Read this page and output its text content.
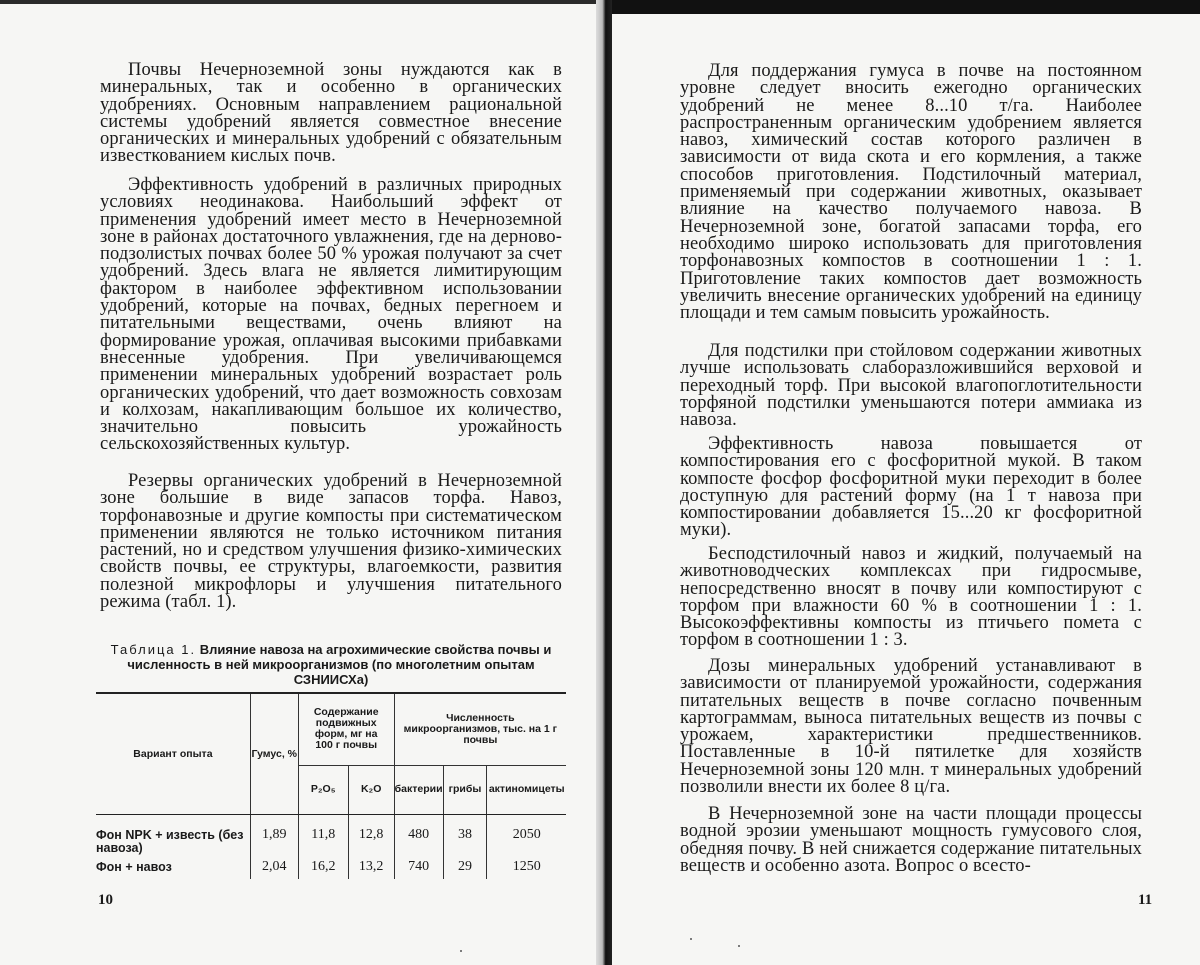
Почвы Нечерноземной зоны нуждаются как в минеральных, так и особенно в органических удобрениях. Основным направлением рациональной системы удобрений является совместное внесение органических и минеральных удобрений с обязательным известкованием кислых почв.

Эффективность удобрений в различных природных условиях неодинакова. Наибольший эффект от применения удобрений имеет место в Нечерноземной зоне в районах достаточного увлажнения, где на дерново-подзолистых почвах более 50 % урожая получают за счет удобрений. Здесь влага не является лимитирующим фактором в наиболее эффективном использовании удобрений, которые на почвах, бедных перегноем и питательными веществами, очень влияют на формирование урожая, оплачивая высокими прибавками внесенные удобрения. При увеличивающемся применении минеральных удобрений возрастает роль органических удобрений, что дает возможность совхозам и колхозам, накапливающим большое их количество, значительно повысить урожайность сельскохозяйственных культур.

Резервы органических удобрений в Нечерноземной зоне большие в виде запасов торфа. Навоз, торфонавозные и другие компосты при систематическом применении являются не только источником питания растений, но и средством улучшения физико-химических свойств почвы, ее структуры, влагоемкости, развития полезной микрофлоры и улучшения питательного режима (табл. 1).

Таблица 1. Влияние навоза на агрохимические свойства почвы и численность в ней микроорганизмов (по многолетним опытам СЗНИИСХа)
Вариант опыта	Гумус, %	Содержание подвижных форм, мг на 100 г почвы		Численность микроорганизмов, тыс. на 1 г почвы		
		P₂O₅	K₂O	бактерии	грибы	актиномицеты
Фон NPK + известь (без навоза)	1,89	11,8	12,8	480	38	2050
Фон + навоз	2,04	16,2	13,2	740	29	1250
10

Для поддержания гумуса в почве на постоянном уровне следует вносить ежегодно органических удобрений не менее 8...10 т/га. Наиболее распространенным органическим удобрением является навоз, химический состав которого различен в зависимости от вида скота и его кормления, а также способов приготовления. Подстилочный материал, применяемый при содержании животных, оказывает влияние на качество получаемого навоза. В Нечерноземной зоне, богатой запасами торфа, его необходимо широко использовать для приготовления торфонавозных компостов в соотношении 1 : 1. Приготовление таких компостов дает возможность увеличить внесение органических удобрений на единицу площади и тем самым повысить урожайность.

Для подстилки при стойловом содержании животных лучше использовать слаборазложившийся верховой и переходный торф. При высокой влагопоглотительности торфяной подстилки уменьшаются потери аммиака из навоза.

Эффективность навоза повышается от компостирования его с фосфоритной мукой. В таком компосте фосфор фосфоритной муки переходит в более доступную для растений форму (на 1 т навоза при компостировании добавляется 15...20 кг фосфоритной муки).

Бесподстилочный навоз и жидкий, получаемый на животноводческих комплексах при гидросмыве, непосредственно вносят в почву или компостируют с торфом при влажности 60 % в соотношении 1 : 1. Высокоэффективны компосты из птичьего помета с торфом в соотношении 1 : 3.

Дозы минеральных удобрений устанавливают в зависимости от планируемой урожайности, содержания питательных веществ в почве согласно почвенным картограммам, выноса питательных веществ из почвы с урожаем, характеристики предшественников. Поставленные в 10-й пятилетке для хозяйств Нечерноземной зоны 120 млн. т минеральных удобрений позволили внести их более 8 ц/га.

В Нечерноземной зоне на части площади процессы водной эрозии уменьшают мощность гумусового слоя, обедняя почву. В ней снижается содержание питательных веществ и особенно азота. Вопрос о всесто-

11
